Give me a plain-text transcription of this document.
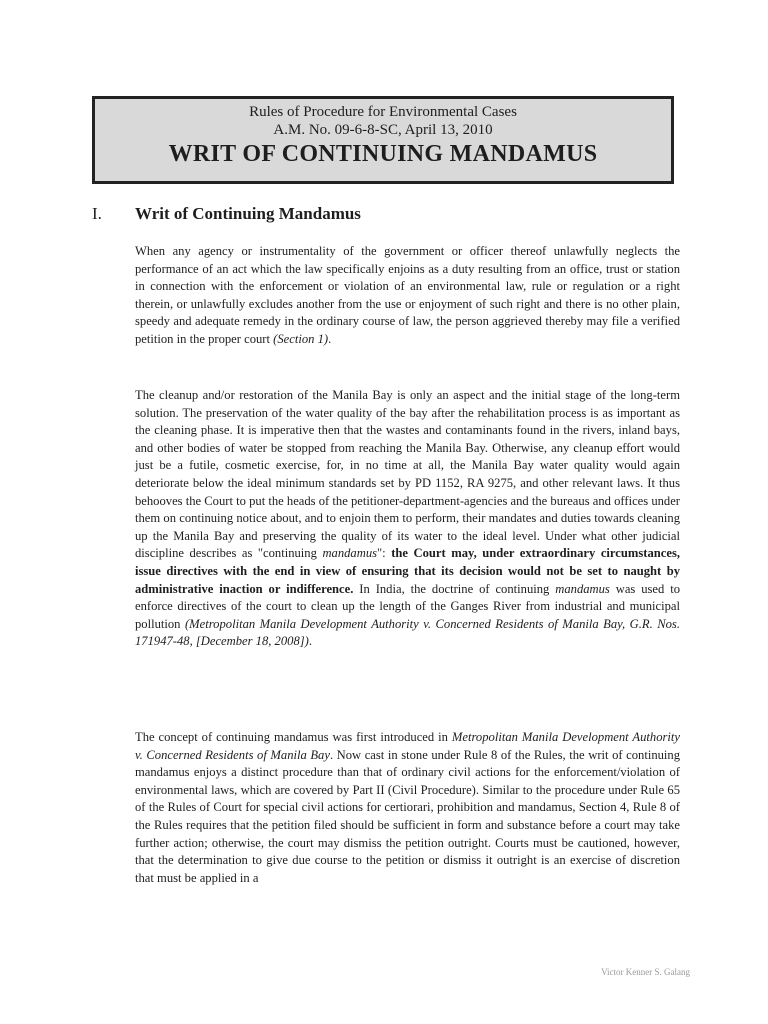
Rules of Procedure for Environmental Cases
A.M. No. 09-6-8-SC, April 13, 2010
WRIT OF CONTINUING MANDAMUS
I. Writ of Continuing Mandamus

When any agency or instrumentality of the government or officer thereof unlawfully neglects the performance of an act which the law specifically enjoins as a duty resulting from an office, trust or station in connection with the enforcement or violation of an environmental law, rule or regulation or a right therein, or unlawfully excludes another from the use or enjoyment of such right and there is no other plain, speedy and adequate remedy in the ordinary course of law, the person aggrieved thereby may file a verified petition in the proper court (Section 1).

The cleanup and/or restoration of the Manila Bay is only an aspect and the initial stage of the long-term solution. The preservation of the water quality of the bay after the rehabilitation process is as important as the cleaning phase. It is imperative then that the wastes and contaminants found in the rivers, inland bays, and other bodies of water be stopped from reaching the Manila Bay. Otherwise, any cleanup effort would just be a futile, cosmetic exercise, for, in no time at all, the Manila Bay water quality would again deteriorate below the ideal minimum standards set by PD 1152, RA 9275, and other relevant laws. It thus behooves the Court to put the heads of the petitioner-department-agencies and the bureaus and offices under them on continuing notice about, and to enjoin them to perform, their mandates and duties towards cleaning up the Manila Bay and preserving the quality of its water to the ideal level. Under what other judicial discipline describes as "continuing mandamus": the Court may, under extraordinary circumstances, issue directives with the end in view of ensuring that its decision would not be set to naught by administrative inaction or indifference. In India, the doctrine of continuing mandamus was used to enforce directives of the court to clean up the length of the Ganges River from industrial and municipal pollution (Metropolitan Manila Development Authority v. Concerned Residents of Manila Bay, G.R. Nos. 171947-48, [December 18, 2008]).

The concept of continuing mandamus was first introduced in Metropolitan Manila Development Authority v. Concerned Residents of Manila Bay. Now cast in stone under Rule 8 of the Rules, the writ of continuing mandamus enjoys a distinct procedure than that of ordinary civil actions for the enforcement/violation of environmental laws, which are covered by Part II (Civil Procedure). Similar to the procedure under Rule 65 of the Rules of Court for special civil actions for certiorari, prohibition and mandamus, Section 4, Rule 8 of the Rules requires that the petition filed should be sufficient in form and substance before a court may take further action; otherwise, the court may dismiss the petition outright. Courts must be cautioned, however, that the determination to give due course to the petition or dismiss it outright is an exercise of discretion that must be applied in a

Victor Kenner S. Galang
